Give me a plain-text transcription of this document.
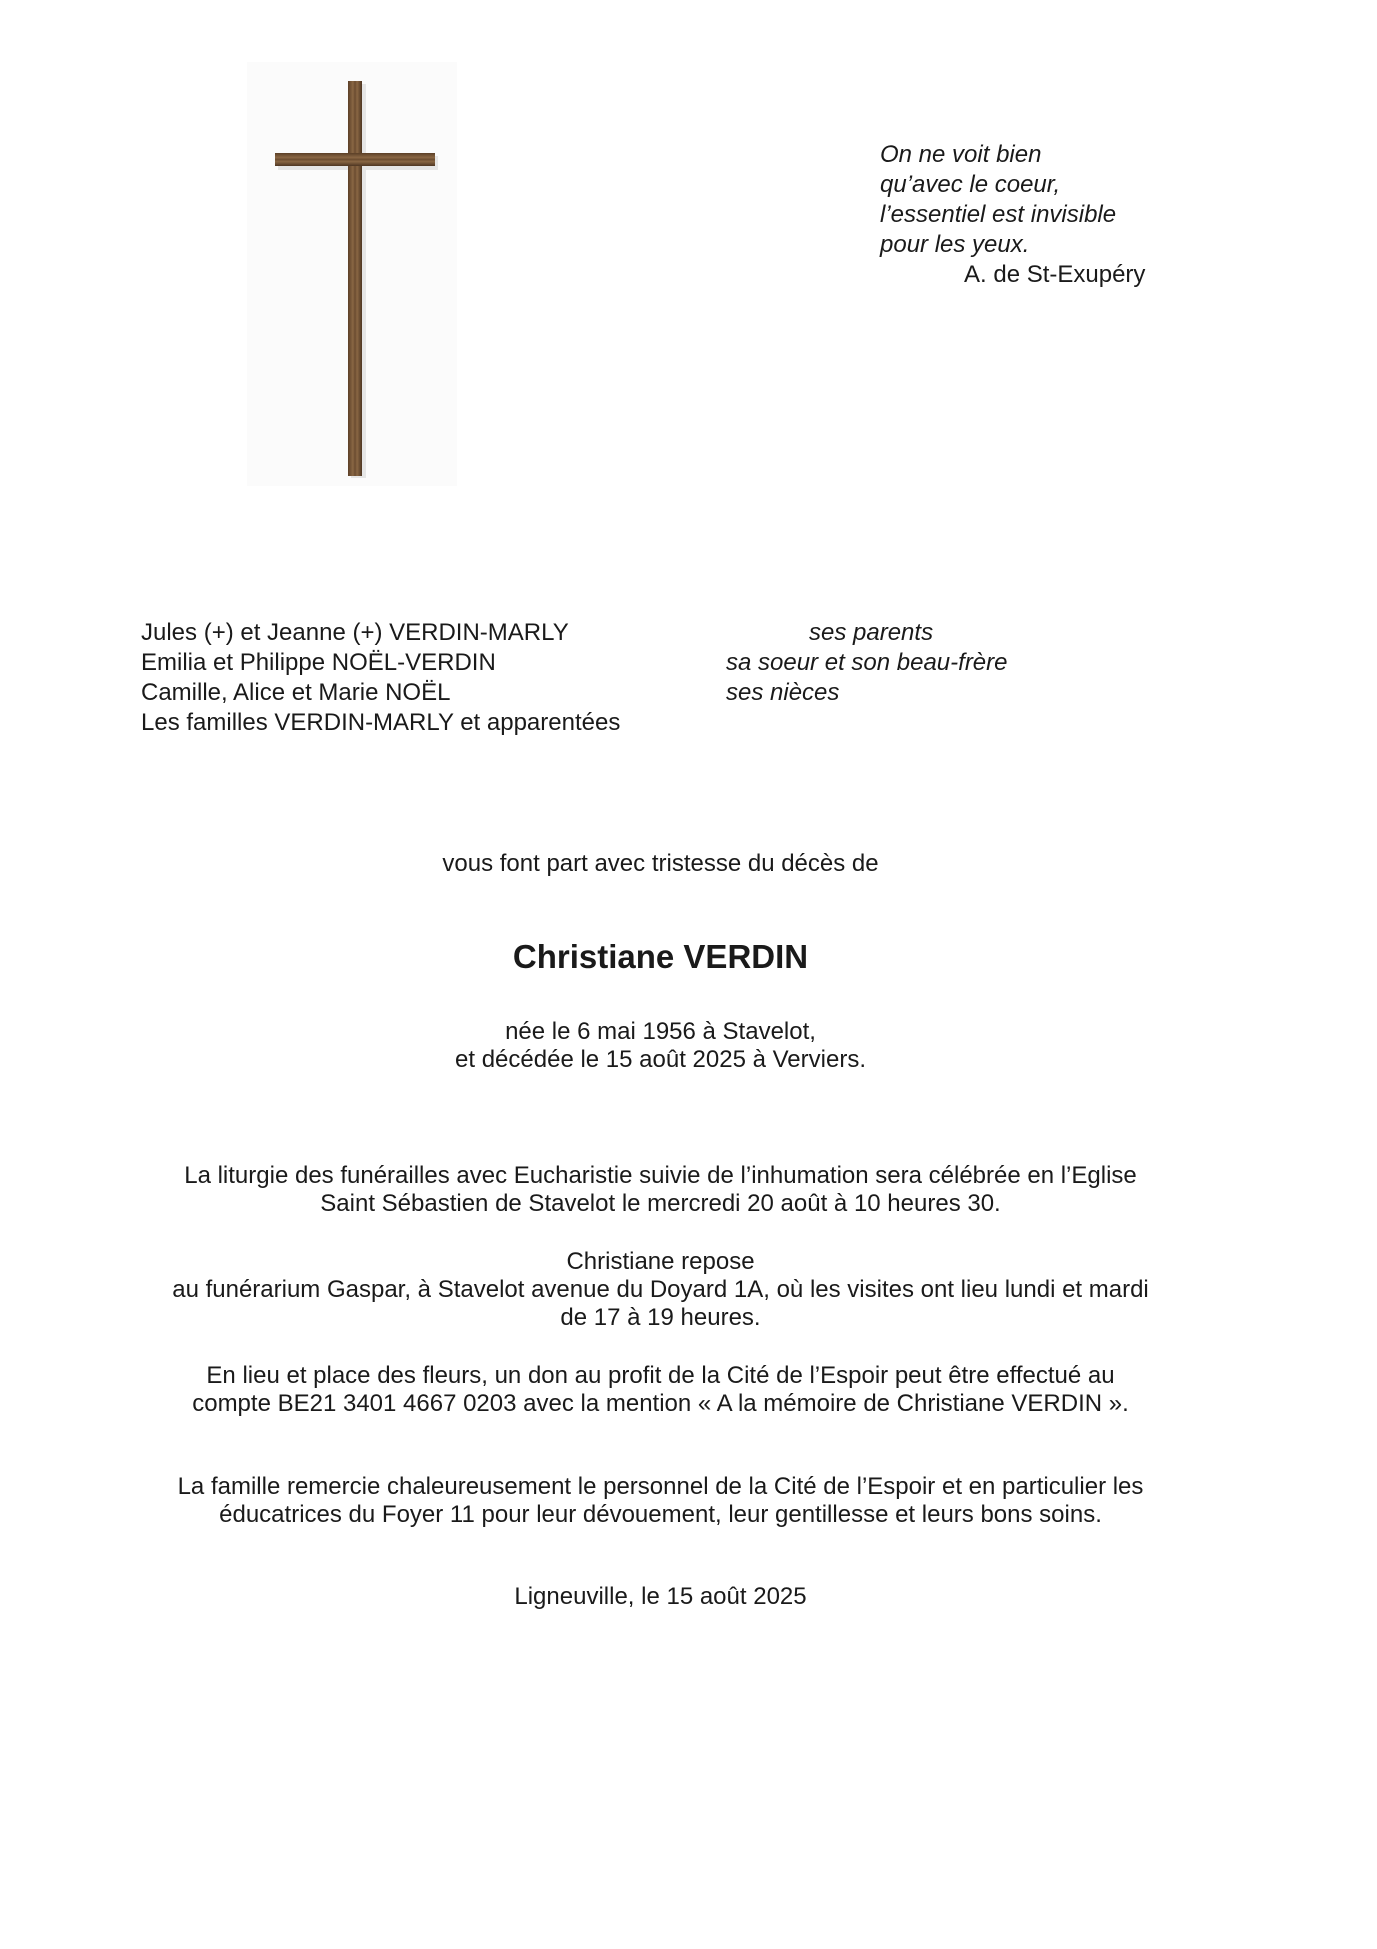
On ne voit bien
qu’avec le coeur,
l’essentiel est invisible
pour les yeux.
A. de St-Exupéry
Jules (+) et Jeanne (+) VERDIN-MARLY	ses parents
Emilia et Philippe NOËL-VERDIN	sa soeur et son beau-frère
Camille, Alice et Marie NOËL	ses nièces
Les familles VERDIN-MARLY et apparentées
vous font part avec tristesse du décès de
Christiane VERDIN
née le 6 mai 1956 à Stavelot,
et décédée le 15 août 2025 à Verviers.
La liturgie des funérailles avec Eucharistie suivie de l’inhumation sera célébrée en l’Eglise
Saint Sébastien de Stavelot le mercredi 20 août à 10 heures 30.
Christiane repose
au funérarium Gaspar, à Stavelot avenue du Doyard 1A, où les visites ont lieu lundi et mardi
de 17 à 19 heures.
En lieu et place des fleurs, un don au profit de la Cité de l’Espoir peut être effectué au
compte BE21 3401 4667 0203 avec la mention « A la mémoire de Christiane VERDIN ».
La famille remercie chaleureusement le personnel de la Cité de l’Espoir et en particulier les
éducatrices du Foyer 11 pour leur dévouement, leur gentillesse et leurs bons soins.
Ligneuville, le 15 août 2025
